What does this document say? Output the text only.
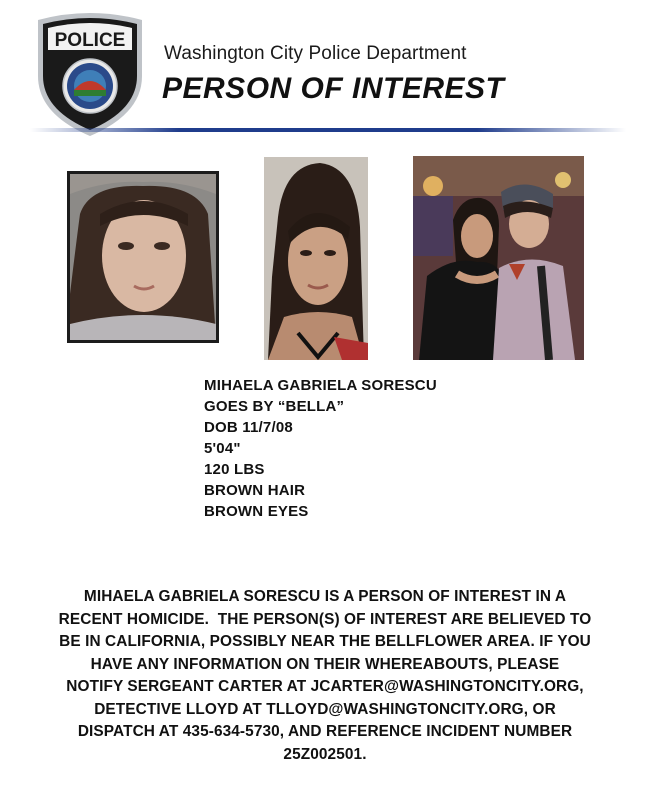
POLICE
Washington City Police Department
PERSON OF INTEREST
MIHAELA GABRIELA SORESCU
GOES BY “BELLA”
DOB 11/7/08
5'04"
120 LBS
BROWN HAIR
BROWN EYES
MIHAELA GABRIELA SORESCU IS A PERSON OF INTEREST IN A
RECENT HOMICIDE.  THE PERSON(S) OF INTEREST ARE BELIEVED TO
BE IN CALIFORNIA, POSSIBLY NEAR THE BELLFLOWER AREA. IF YOU
HAVE ANY INFORMATION ON THEIR WHEREABOUTS, PLEASE
NOTIFY SERGEANT CARTER AT JCARTER@WASHINGTONCITY.ORG,
DETECTIVE LLOYD AT TLLOYD@WASHINGTONCITY.ORG, OR
DISPATCH AT 435-634-5730, AND REFERENCE INCIDENT NUMBER
25Z002501.
